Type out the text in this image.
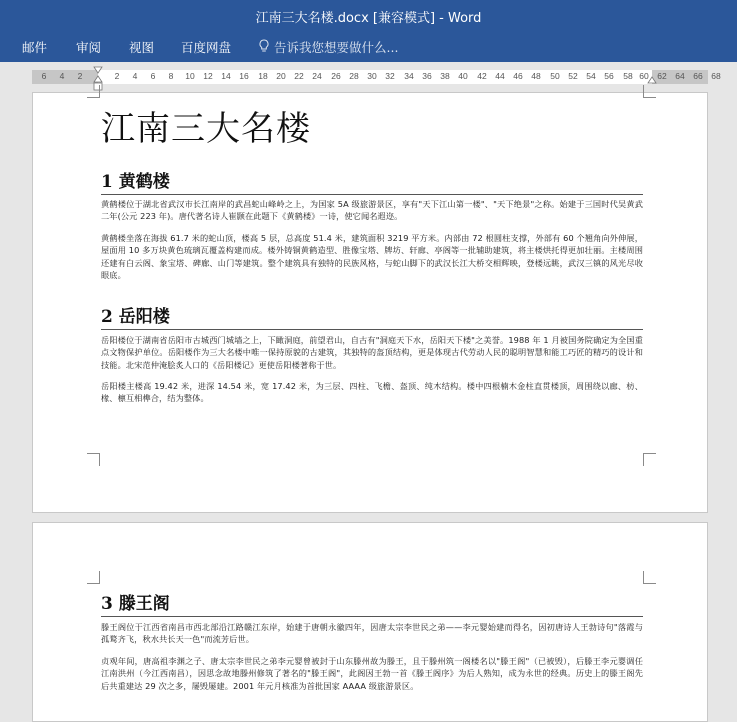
江南三大名楼.docx [兼容模式] - Word
邮件 审阅 视图 百度网盘	告诉我您想要做什么...
6 4 2	2 4 6 8 10 12 14 16 18 20 22 24 26 28 30 32 34 36 38 40 42 44 46 48 50 52 54 56 58 60 62 64 66 68
江南三大名楼
1 黄鹤楼
黄鹤楼位于湖北省武汉市长江南岸的武昌蛇山峰岭之上，为国家 5A 级旅游景区，享有"天下江山第一楼"、"天下绝景"之称。始建于三国时代吴黄武二年(公元 223 年)。唐代著名诗人崔颢在此题下《黄鹤楼》一诗，使它闻名遐迩。
黄鹤楼坐落在海拔 61.7 米的蛇山顶，楼高 5 层，总高度 51.4 米，建筑面积 3219 平方米。内部由 72 根圆柱支撑，外部有 60 个翘角向外伸展，屋面用 10 多万块黄色琉璃瓦覆盖构建而成。楼外铸铜黄鹤造型、胜像宝塔、牌坊、轩廊、亭阁等一批辅助建筑，将主楼烘托得更加壮丽。主楼周围还建有白云阁、象宝塔、碑廊、山门等建筑。整个建筑具有独特的民族风格，与蛇山脚下的武汉长江大桥交相辉映，登楼远眺，武汉三镇的风光尽收眼底。
2 岳阳楼
岳阳楼位于湖南省岳阳市古城西门城墙之上，下瞰洞庭，前望君山，自古有"洞庭天下水，岳阳天下楼"之美誉。1988 年 1 月被国务院确定为全国重点文物保护单位。岳阳楼作为三大名楼中唯一保持原貌的古建筑，其独特的盔顶结构，更是体现古代劳动人民的聪明智慧和能工巧匠的精巧的设计和技能。北宋范仲淹脍炙人口的《岳阳楼记》更使岳阳楼著称于世。
岳阳楼主楼高 19.42 米，进深 14.54 米，宽 17.42 米，为三层、四柱、飞檐、盔顶、纯木结构。楼中四根楠木金柱直贯楼顶，周围绕以廊、枋、椽、檩互相榫合，结为整体。
3 滕王阁
滕王阁位于江西省南昌市西北部沿江路赣江东岸，始建于唐朝永徽四年，因唐太宗李世民之弟——李元婴始建而得名，因初唐诗人王勃诗句"落霞与孤鹜齐飞，秋水共长天一色"而流芳后世。
贞观年间，唐高祖李渊之子、唐太宗李世民之弟李元婴曾被封于山东滕州故为滕王，且于滕州筑一阁楼名以"滕王阁"（已被毁），后滕王李元婴调任江南洪州（今江西南昌），因思念故地滕州修筑了著名的"滕王阁"，此阁因王勃一首《滕王阁序》为后人熟知，成为永世的经典。历史上的滕王阁先后共重建达 29 次之多，屡毁屡建。2001 年元月核准为首批国家 AAAA 级旅游景区。
